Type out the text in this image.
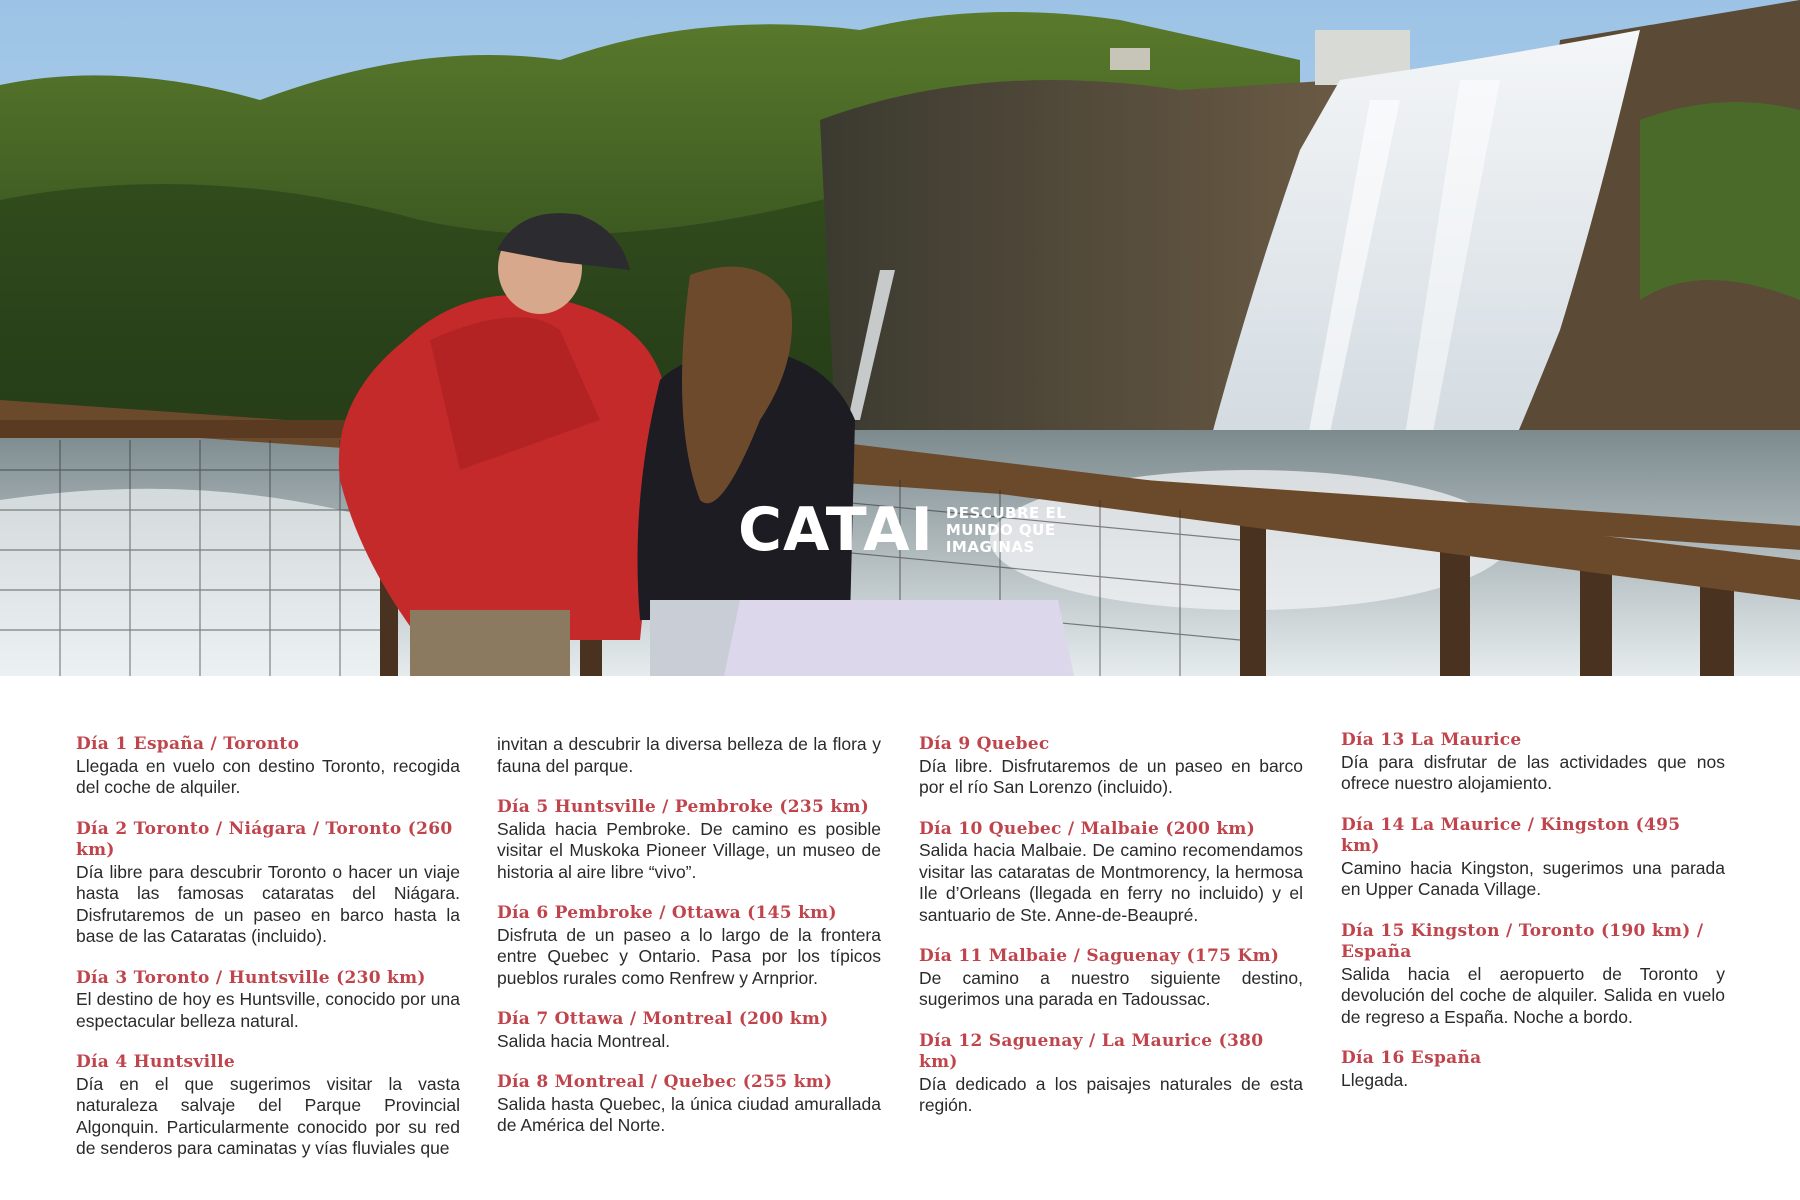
CATAI DESCUBRE EL
MUNDO QUE
IMAGINAS
Día 1 España / Toronto
Llegada en vuelo con destino Toronto, recogida del coche de alquiler.
Día 2 Toronto / Niágara / Toronto (260 km)
Día libre para descubrir Toronto o hacer un viaje hasta las famosas cataratas del Niágara. Disfrutaremos de un paseo en barco hasta la base de las Cataratas (incluido).
Día 3 Toronto / Huntsville (230 km)
El destino de hoy es Huntsville, conocido por una espectacular belleza natural.
Día 4 Huntsville
Día en el que sugerimos visitar la vasta naturaleza salvaje del Parque Provincial Algonquin. Particularmente conocido por su red de senderos para caminatas y vías fluviales que
invitan a descubrir la diversa belleza de la flora y fauna del parque.
Día 5 Huntsville / Pembroke (235 km)
Salida hacia Pembroke. De camino es posible visitar el Muskoka Pioneer Village, un museo de historia al aire libre “vivo”.
Día 6 Pembroke / Ottawa (145 km)
Disfruta de un paseo a lo largo de la frontera entre Quebec y Ontario. Pasa por los típicos pueblos rurales como Renfrew y Arnprior.
Día 7 Ottawa / Montreal (200 km)
Salida hacia Montreal.
Día 8 Montreal / Quebec (255 km)
Salida hasta Quebec, la única ciudad amurallada de América del Norte.
Día 9 Quebec
Día libre. Disfrutaremos de un paseo en barco por el río San Lorenzo (incluido).
Día 10 Quebec / Malbaie (200 km)
Salida hacia Malbaie. De camino recomendamos visitar las cataratas de Montmorency, la hermosa Ile d’Orleans (llegada en ferry no incluido) y el santuario de Ste. Anne-de-Beaupré.
Día 11 Malbaie / Saguenay (175 Km)
De camino a nuestro siguiente destino, sugerimos una parada en Tadoussac.
Día 12 Saguenay / La Maurice (380 km)
Día dedicado a los paisajes naturales de esta región.
Día 13 La Maurice
Día para disfrutar de las actividades que nos ofrece nuestro alojamiento.
Día 14 La Maurice / Kingston (495 km)
Camino hacia Kingston, sugerimos una parada en Upper Canada Village.
Día 15 Kingston / Toronto (190 km) / España
Salida hacia el aeropuerto de Toronto y devolución del coche de alquiler. Salida en vuelo de regreso a España. Noche a bordo.
Día 16 España
Llegada.
